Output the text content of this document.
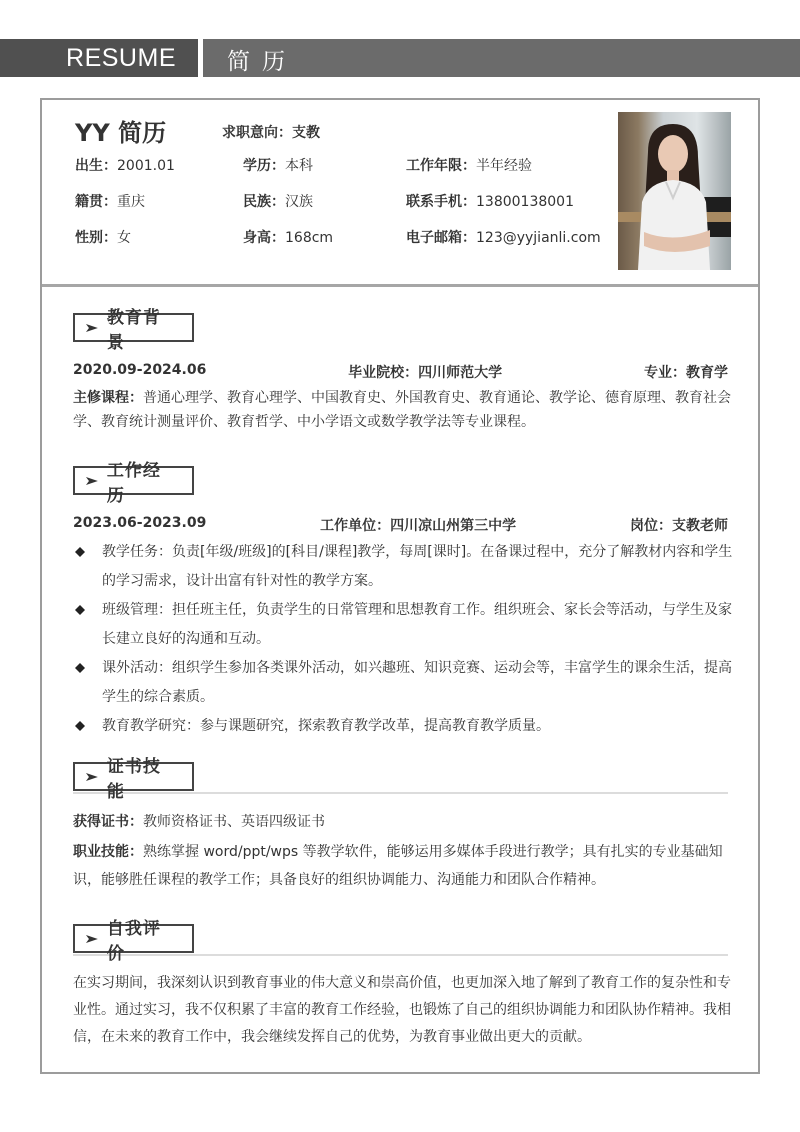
RESUME 简历
YY 简历	求职意向：支教
出生：2001.01	学历：本科	工作年限：半年经验
籍贯：重庆	民族：汉族	联系手机：13800138001
性别：女	身高：168cm	电子邮箱：123@yyjianli.com
教育背景
2020.09-2024.06	毕业院校：四川师范大学	专业：教育学
主修课程：普通心理学、教育心理学、中国教育史、外国教育史、教育通论、教学论、德育原理、教育社会学、教育统计测量评价、教育哲学、中小学语文或数学教学法等专业课程。
工作经历
2023.06-2023.09	工作单位：四川凉山州第三中学	岗位：支教老师
教学任务：负责[年级/班级]的[科目/课程]教学，每周[课时]。在备课过程中，充分了解教材内容和学生的学习需求，设计出富有针对性的教学方案。
班级管理：担任班主任，负责学生的日常管理和思想教育工作。组织班会、家长会等活动，与学生及家长建立良好的沟通和互动。
课外活动：组织学生参加各类课外活动，如兴趣班、知识竞赛、运动会等，丰富学生的课余生活，提高学生的综合素质。
教育教学研究：参与课题研究，探索教育教学改革，提高教育教学质量。
证书技能
获得证书：教师资格证书、英语四级证书
职业技能：熟练掌握 word/ppt/wps 等教学软件，能够运用多媒体手段进行教学；具有扎实的专业基础知识，能够胜任课程的教学工作；具备良好的组织协调能力、沟通能力和团队合作精神。
自我评价
在实习期间，我深刻认识到教育事业的伟大意义和崇高价值，也更加深入地了解到了教育工作的复杂性和专业性。通过实习，我不仅积累了丰富的教育工作经验，也锻炼了自己的组织协调能力和团队协作精神。我相信，在未来的教育工作中，我会继续发挥自己的优势，为教育事业做出更大的贡献。
